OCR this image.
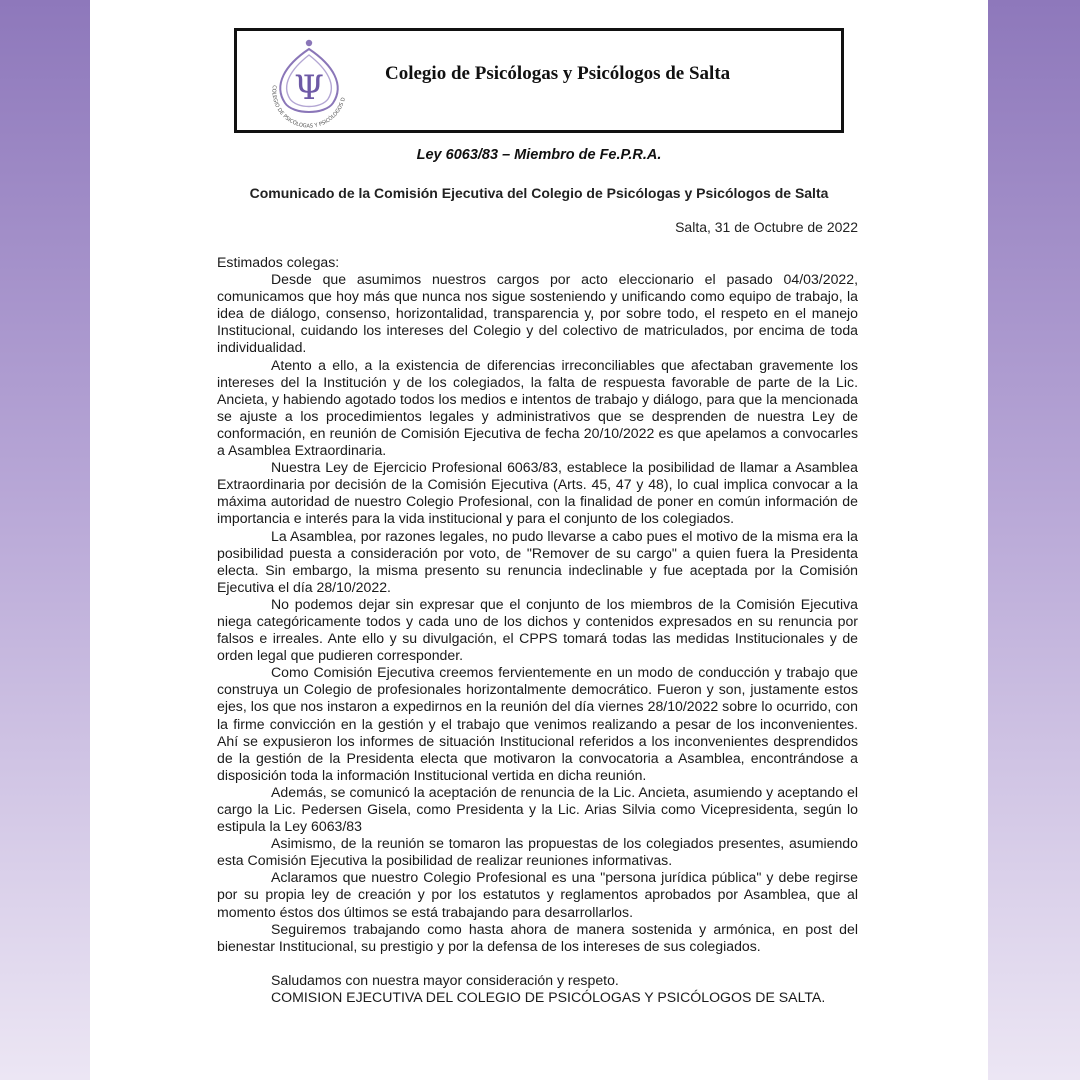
Ψ
COLEGIO DE PSICÓLOGAS Y PSICÓLOGOS D
Colegio de Psicólogas y Psicólogos de Salta
Ley 6063/83 – Miembro de Fe.P.R.A.
Comunicado de la Comisión Ejecutiva del Colegio de Psicólogas y Psicólogos de Salta
Salta, 31 de Octubre de 2022

Estimados colegas:

Desde que asumimos nuestros cargos por acto eleccionario el pasado 04/03/2022, comunicamos que hoy más que nunca nos sigue sosteniendo y unificando como equipo de trabajo, la idea de diálogo, consenso, horizontalidad, transparencia y, por sobre todo, el respeto en el manejo Institucional, cuidando los intereses del Colegio y del colectivo de matriculados, por encima de toda individualidad.

Atento a ello, a la existencia de diferencias irreconciliables que afectaban gravemente los intereses del la Institución y de los colegiados, la falta de respuesta favorable de parte de la Lic. Ancieta, y habiendo agotado todos los medios e intentos de trabajo y diálogo, para que la mencionada se ajuste a los procedimientos legales y administrativos que se desprenden de nuestra Ley de conformación, en reunión de Comisión Ejecutiva de fecha 20/10/2022 es que apelamos a convocarles a Asamblea Extraordinaria.

Nuestra Ley de Ejercicio Profesional 6063/83, establece la posibilidad de llamar a Asamblea Extraordinaria por decisión de la Comisión Ejecutiva (Arts. 45, 47 y 48), lo cual implica convocar a la máxima autoridad de nuestro Colegio Profesional, con la finalidad de poner en común información de importancia e interés para la vida institucional y para el conjunto de los colegiados.

La Asamblea, por razones legales, no pudo llevarse a cabo pues el motivo de la misma era la posibilidad puesta a consideración por voto, de "Remover de su cargo" a quien fuera la Presidenta electa. Sin embargo, la misma presento su renuncia indeclinable y fue aceptada por la Comisión Ejecutiva el día 28/10/2022.

No podemos dejar sin expresar que el conjunto de los miembros de la Comisión Ejecutiva niega categóricamente todos y cada uno de los dichos y contenidos expresados en su renuncia por falsos e irreales. Ante ello y su divulgación, el CPPS tomará todas las medidas Institucionales y de orden legal que pudieren corresponder.

Como Comisión Ejecutiva creemos fervientemente en un modo de conducción y trabajo que construya un Colegio de profesionales horizontalmente democrático. Fueron y son, justamente estos ejes, los que nos instaron a expedirnos en la reunión del día viernes 28/10/2022 sobre lo ocurrido, con la firme convicción en la gestión y el trabajo que venimos realizando a pesar de los inconvenientes. Ahí se expusieron los informes de situación Institucional referidos a los inconvenientes desprendidos de la gestión de la Presidenta electa que motivaron la convocatoria a Asamblea, encontrándose a disposición toda la información Institucional vertida en dicha reunión.

Además, se comunicó la aceptación de renuncia de la Lic. Ancieta, asumiendo y aceptando el cargo la Lic. Pedersen Gisela, como Presidenta y la Lic. Arias Silvia como Vicepresidenta, según lo estipula la Ley 6063/83

Asimismo, de la reunión se tomaron las propuestas de los colegiados presentes, asumiendo esta Comisión Ejecutiva la posibilidad de realizar reuniones informativas.

Aclaramos que nuestro Colegio Profesional es una "persona jurídica pública" y debe regirse por su propia ley de creación y por los estatutos y reglamentos aprobados por Asamblea, que al momento éstos dos últimos se está trabajando para desarrollarlos.

Seguiremos trabajando como hasta ahora de manera sostenida y armónica, en post del bienestar Institucional, su prestigio y por la defensa de los intereses de sus colegiados.

Saludamos con nuestra mayor consideración y respeto.

COMISION EJECUTIVA DEL COLEGIO DE PSICÓLOGAS Y PSICÓLOGOS DE SALTA.
